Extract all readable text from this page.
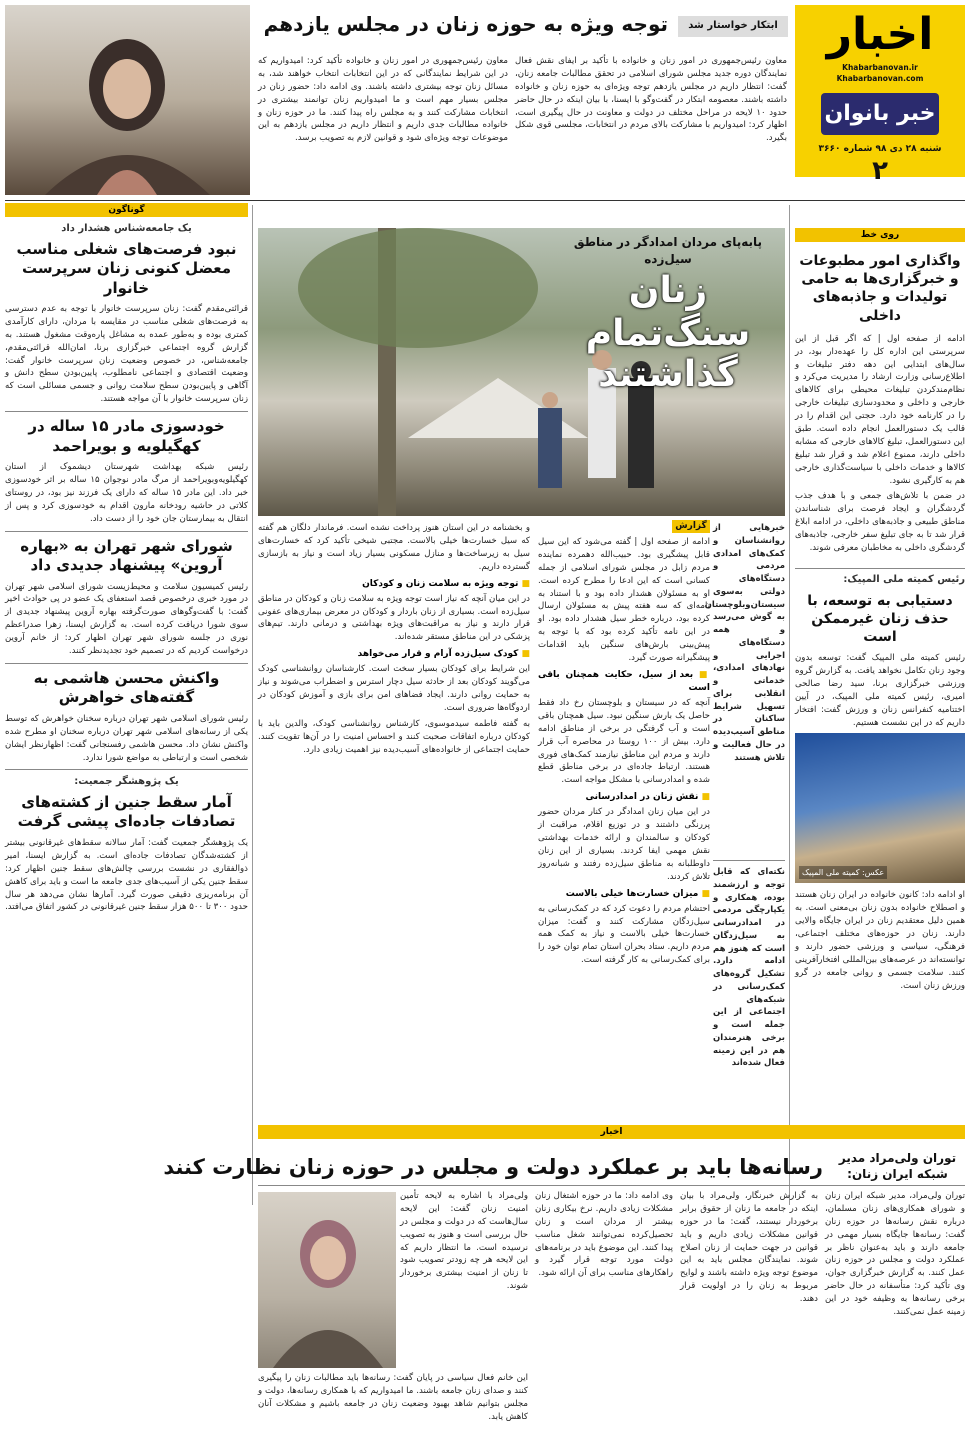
اخبار
Khabarbanovan.ir Khabarbanovan.com
خبر بانوان
شنبه ۲۸ دی ۹۸ شماره ۳۶۶۰
۲
ابتکار خواستار شد
توجه ویژه به حوزه زنان در مجلس یازدهم

معاون رئیس‌جمهوری در امور زنان و خانواده با تأکید بر ایفای نقش فعال نمایندگان دوره جدید مجلس شورای اسلامی در تحقق مطالبات جامعه زنان، گفت: انتظار داریم در مجلس یازدهم توجه ویژه‌ای به حوزه زنان و خانواده داشته باشند. معصومه ابتکار در گفت‌وگو با ایسنا، با بیان اینکه در حال حاضر حدود ۱۰ لایحه در مراحل مختلف در دولت و معاونت در حال پیگیری است، اظهار کرد: امیدواریم با مشارکت بالای مردم در انتخابات، مجلسی قوی شکل بگیرد.

معاون رئیس‌جمهوری در امور زنان و خانواده تأکید کرد: امیدواریم که در این شرایط نمایندگانی که در این انتخابات انتخاب خواهند شد، به مسائل زنان توجه بیشتری داشته باشند. وی ادامه داد: حضور زنان در مجلس بسیار مهم است و ما امیدواریم زنان توانمند بیشتری در انتخابات مشارکت کنند و به مجلس راه پیدا کنند. ما در حوزه زنان و خانواده مطالبات جدی داریم و انتظار داریم در مجلس یازدهم به این موضوعات توجه ویژه‌ای شود و قوانین لازم به تصویب برسد.

روی خط
واگذاری امور مطبوعات و خبرگزاری‌ها به حامی تولیدات و جاذبه‌های داخلی

ادامه از صفحه اول | که اگر قبل از این سرپرستی این اداره کل را عهده‌دار بود، در سال‌های ابتدایی این دهه دفتر تبلیغات و اطلاع‌رسانی وزارت ارشاد را مدیریت می‌کرد و نظام‌مندکردن تبلیغات محیطی برای کالاهای خارجی و داخلی و محدودسازی تبلیغات خارجی را در کارنامه خود دارد. حجتی این اقدام را در قالب یک دستورالعمل انجام داده است. طبق این دستورالعمل، تبلیغ کالاهای خارجی که مشابه داخلی دارند، ممنوع اعلام شد و قرار شد تبلیغ کالاها و خدمات داخلی با سیاست‌گذاری خارجی هم به کارگیری نشود.

در ضمن با تلاش‌های جمعی و با هدف جذب گردشگران و ایجاد فرصت برای شناساندن مناطق طبیعی و جاذبه‌های داخلی، در ادامه ابلاغ قرار شد تا به جای تبلیغ سفر خارجی، جاذبه‌های گردشگری داخلی به مخاطبان معرفی شوند.

رئیس کمیته ملی المپیک:
دستیابی به توسعه، با حذف زنان غیرممکن است

رئیس کمیته ملی المپیک گفت: توسعه بدون وجود زنان تکامل نخواهد یافت. به گزارش گروه ورزشی خبرگزاری برنا، سید رضا صالحی امیری، رئیس کمیته ملی المپیک، در آیین اختتامیه کنفرانس زنان و ورزش گفت: افتخار داریم که در این نشست هستیم.

عکس: کمیته ملی المپیک

او ادامه داد: کانون خانواده در ایران زنان هستند و اصطلاح خانواده بدون زنان بی‌معنی است. به همین دلیل معتقدیم زنان در ایران جایگاه والایی دارند. زنان در حوزه‌های مختلف اجتماعی، فرهنگی، سیاسی و ورزشی حضور دارند و توانسته‌اند در عرصه‌های بین‌المللی افتخارآفرینی کنند. سلامت جسمی و روانی جامعه در گرو ورزش زنان است.

گوناگون
یک جامعه‌شناس هشدار داد
نبود فرصت‌های شغلی مناسب معضل کنونی زنان سرپرست خانوار

قرائتی‌مقدم گفت: زنان سرپرست خانوار با توجه به عدم دسترسی به فرصت‌های شغلی مناسب در مقایسه با مردان، دارای کارآمدی کمتری بوده و به‌طور عمده به مشاغل پاره‌وقت مشغول هستند. به گزارش گروه اجتماعی خبرگزاری برنا، امان‌الله قرائتی‌مقدم، جامعه‌شناس، در خصوص وضعیت زنان سرپرست خانوار گفت: وضعیت اقتصادی و اجتماعی نامطلوب، پایین‌بودن سطح دانش و آگاهی و پایین‌بودن سطح سلامت روانی و جسمی مسائلی است که زنان سرپرست خانوار با آن مواجه هستند.

خودسوزی مادر ۱۵ ساله در کهگیلویه و بویراحمد

رئیس شبکه بهداشت شهرستان دیشموک از استان کهگیلویه‌وبویراحمد از مرگ مادر نوجوان ۱۵ ساله بر اثر خودسوزی خبر داد. این مادر ۱۵ ساله که دارای یک فرزند نیز بود، در روستای کلاتی در حاشیه رودخانه مارون اقدام به خودسوزی کرد و پس از انتقال به بیمارستان جان خود را از دست داد.

شورای شهر تهران به «بهاره آروین» پیشنهاد جدیدی داد

رئیس کمیسیون سلامت و محیط‌زیست شورای اسلامی شهر تهران در مورد خبری درخصوص قصد استعفای یک عضو در پی حوادث اخیر گفت: با گفت‌وگوهای صورت‌گرفته بهاره آروین پیشنهاد جدیدی از سوی شورا دریافت کرده است. به گزارش ایسنا، زهرا صدراعظم نوری در جلسه شورای شهر تهران اظهار کرد: از خانم آروین درخواست کردیم که در تصمیم خود تجدیدنظر کنند.

واکنش محسن هاشمی به گفته‌های خواهرش

رئیس شورای اسلامی شهر تهران درباره سخنان خواهرش که توسط یکی از رسانه‌های اسلامی شهر تهران درباره سخنان او مطرح شده واکنش نشان داد. محسن هاشمی رفسنجانی گفت: اظهارنظر ایشان شخصی است و ارتباطی به مواضع شورا ندارد.

یک پژوهشگر جمعیت:
آمار سقط جنین از کشته‌های تصادفات جاده‌ای پیشی گرفت

یک پژوهشگر جمعیت گفت: آمار سالانه سقط‌های غیرقانونی بیشتر از کشته‌شدگان تصادفات جاده‌ای است. به گزارش ایسنا، امیر ذوالفقاری در نشست بررسی چالش‌های سقط جنین اظهار کرد: سقط جنین یکی از آسیب‌های جدی جامعه ما است و باید برای کاهش آن برنامه‌ریزی دقیقی صورت گیرد. آمارها نشان می‌دهد هر سال حدود ۳۰۰ تا ۵۰۰ هزار سقط جنین غیرقانونی در کشور اتفاق می‌افتد.

پابه‌پای مردان امدادگر در مناطق سیل‌زده
زنان سنگ‌تمام
گذاشتند

خبرهایی از روانشناسان و کمک‌های امدادی مردمی و دستگاه‌های دولتی به‌سوی سیستان‌وبلوچستان به گوش می‌رسد و همه دستگاه‌های اجرایی و نهادهای امدادی، خدماتی و انقلابی برای تسهیل شرایط ساکنان در مناطق آسیب‌دیده در حال فعالیت و تلاش هستند

نکته‌ای که قابل توجه و ارزشمند بوده، همکاری و یکپارچگی مردمی در امدادرسانی به سیل‌زدگان است که هنوز هم ادامه دارد. تشکیل گروه‌های کمک‌رسانی در شبکه‌های اجتماعی از این جمله است و برخی هنرمندان هم در این زمینه فعال شده‌اند

گزارش

ادامه از صفحه اول | گفته می‌شود که این سیل قابل پیشگیری بود. حبیب‌الله دهمرده نماینده مردم زابل در مجلس شورای اسلامی از جمله کسانی است که این ادعا را مطرح کرده است. او به مسئولان هشدار داده بود و با استناد به نامه‌ای که سه هفته پیش به مسئولان ارسال کرده بود، درباره خطر سیل هشدار داده بود. او در این نامه تأکید کرده بود که با توجه به پیش‌بینی بارش‌های سنگین باید اقدامات پیشگیرانه صورت گیرد.

■ بعد از سیل، حکایت همچنان باقی است

آنچه که در سیستان و بلوچستان رخ داد فقط حاصل یک بارش سنگین نبود. سیل همچنان باقی است و آب گرفتگی در برخی از مناطق ادامه دارد. بیش از ۱۰۰ روستا در محاصره آب قرار دارند و مردم این مناطق نیازمند کمک‌های فوری هستند. ارتباط جاده‌ای در برخی مناطق قطع شده و امدادرسانی با مشکل مواجه است.

■ نقش زنان در امدادرسانی

در این میان زنان امدادگر در کنار مردان حضور پررنگی داشتند و در توزیع اقلام، مراقبت از کودکان و سالمندان و ارائه خدمات بهداشتی نقش مهمی ایفا کردند. بسیاری از این زنان داوطلبانه به مناطق سیل‌زده رفتند و شبانه‌روز تلاش کردند.

■ میزان خسارت‌ها خیلی بالاست

احتشام مردم را دعوت کرد که در کمک‌رسانی به سیل‌زدگان مشارکت کنند و گفت: میزان خسارت‌ها خیلی بالاست و نیاز به کمک همه مردم داریم. ستاد بحران استان تمام توان خود را برای کمک‌رسانی به کار گرفته است.

و بخشنامه در این استان هنوز پرداخت نشده است. فرماندار دلگان هم گفته که سیل خسارت‌ها خیلی بالاست. مجتبی شیخی تأکید کرد که خسارت‌های سیل به زیرساخت‌ها و منازل مسکونی بسیار زیاد است و نیاز به بازسازی گسترده داریم.

■ توجه ویژه به سلامت زنان و کودکان

در این میان آنچه که نیاز است توجه ویژه به سلامت زنان و کودکان در مناطق سیل‌زده است. بسیاری از زنان باردار و کودکان در معرض بیماری‌های عفونی قرار دارند و نیاز به مراقبت‌های ویژه بهداشتی و درمانی دارند. تیم‌های پزشکی در این مناطق مستقر شده‌اند.

■ کودک سیل‌زده آرام و قرار می‌خواهد

این شرایط برای کودکان بسیار سخت است. کارشناسان روانشناسی کودک می‌گویند کودکان بعد از حادثه سیل دچار استرس و اضطراب می‌شوند و نیاز به حمایت روانی دارند. ایجاد فضاهای امن برای بازی و آموزش کودکان در اردوگاه‌ها ضروری است.

به گفته فاطمه سیدموسوی، کارشناس روانشناسی کودک، والدین باید با کودکان درباره اتفاقات صحبت کنند و احساس امنیت را در آن‌ها تقویت کنند. حمایت اجتماعی از خانواده‌های آسیب‌دیده نیز اهمیت زیادی دارد.

اخبار
توران ولی‌مراد مدیر شبکه ایران زنان:
رسانه‌ها باید بر عملکرد دولت و مجلس در حوزه زنان نظارت کنند

توران ولی‌مراد، مدیر شبکه ایران زنان و شورای همکاری‌های زنان مسلمان، درباره نقش رسانه‌ها در حوزه زنان گفت: رسانه‌ها جایگاه بسیار مهمی در جامعه دارند و باید به‌عنوان ناظر بر عملکرد دولت و مجلس در حوزه زنان عمل کنند. به گزارش خبرگزاری جوان، وی تأکید کرد: متأسفانه در حال حاضر برخی رسانه‌ها به وظیفه خود در این زمینه عمل نمی‌کنند.

به گزارش خبرنگار، ولی‌مراد با بیان اینکه در جامعه ما زنان از حقوق برابر برخوردار نیستند، گفت: ما در حوزه قوانین مشکلات زیادی داریم و باید قوانین در جهت حمایت از زنان اصلاح شوند. نمایندگان مجلس باید به این موضوع توجه ویژه داشته باشند و لوایح مربوط به زنان را در اولویت قرار دهند.

وی ادامه داد: ما در حوزه اشتغال زنان مشکلات زیادی داریم. نرخ بیکاری زنان بیشتر از مردان است و زنان تحصیل‌کرده نمی‌توانند شغل مناسب پیدا کنند. این موضوع باید در برنامه‌های دولت مورد توجه قرار گیرد و راهکارهای مناسب برای آن ارائه شود.

ولی‌مراد با اشاره به لایحه تأمین امنیت زنان گفت: این لایحه سال‌هاست که در دولت و مجلس در حال بررسی است و هنوز به تصویب نرسیده است. ما انتظار داریم که این لایحه هر چه زودتر تصویب شود تا زنان از امنیت بیشتری برخوردار شوند.

این خانم فعال سیاسی در پایان گفت: رسانه‌ها باید مطالبات زنان را پیگیری کنند و صدای زنان جامعه باشند. ما امیدواریم که با همکاری رسانه‌ها، دولت و مجلس بتوانیم شاهد بهبود وضعیت زنان در جامعه باشیم و مشکلات آنان کاهش یابد.
